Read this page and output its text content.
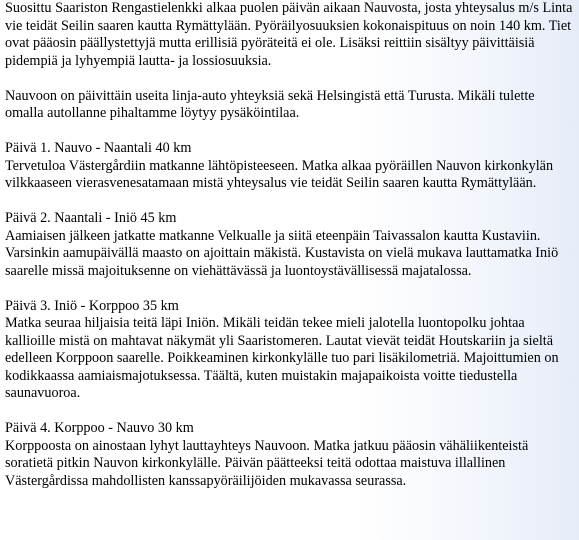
Suosittu Saariston Rengastielenkki alkaa puolen päivän aikaan Nauvosta, josta yhteysalus m/s Linta vie teidät Seilin saaren kautta Rymättylään. Pyöräilyosuuksien kokonaispituus on noin 140 km. Tiet ovat pääosin päällystettyjä mutta erillisiä pyöräteitä ei ole. Lisäksi reittiin sisältyy päivittäisiä pidempiä ja lyhyempiä lautta- ja lossiosuuksia.

Nauvoon on päivittäin useita linja-auto yhteyksiä sekä Helsingistä että Turusta. Mikäli tulette omalla autollanne pihaltamme löytyy pysäköintilaa.

Päivä 1. Nauvo - Naantali 40 km
Tervetuloa Västergårdiin matkanne lähtöpisteeseen. Matka alkaa pyöräillen Nauvon kirkonkylän vilkkaaseen vierasvenesatamaan mistä yhteysalus vie teidät Seilin saaren kautta Rymättylään.
Päivä 2. Naantali - Iniö 45 km
Aamiaisen jälkeen jatkatte matkanne Velkualle ja siitä eteenpäin Taivassalon kautta Kustaviin. Varsinkin aamupäivällä maasto on ajoittain mäkistä. Kustavista on vielä mukava lauttamatka Iniö saarelle missä majoituksenne on viehättävässä ja luontoystävällisessä majatalossa.
Päivä 3. Iniö - Korppoo 35 km
Matka seuraa hiljaisia teitä läpi Iniön. Mikäli teidän tekee mieli jalotella luontopolku johtaa kallioille mistä on mahtavat näkymät yli Saaristomeren. Lautat vievät teidät Houtskariin ja sieltä edelleen Korppoon saarelle. Poikkeaminen kirkonkylälle tuo pari lisäkilometriä. Majoittumien on kodikkaassa aamiaismajotuksessa. Täältä, kuten muistakin majapaikoista voitte tiedustella saunavuoroa.
Päivä 4. Korppoo - Nauvo 30 km
Korppoosta on ainostaan lyhyt lauttayhteys Nauvoon. Matka jatkuu pääosin vähäliikenteistä soratietä pitkin Nauvon kirkonkylälle. Päivän päätteeksi teitä odottaa maistuva illallinen Västergårdissa mahdollisten kanssapyöräilijöiden mukavassa seurassa.
